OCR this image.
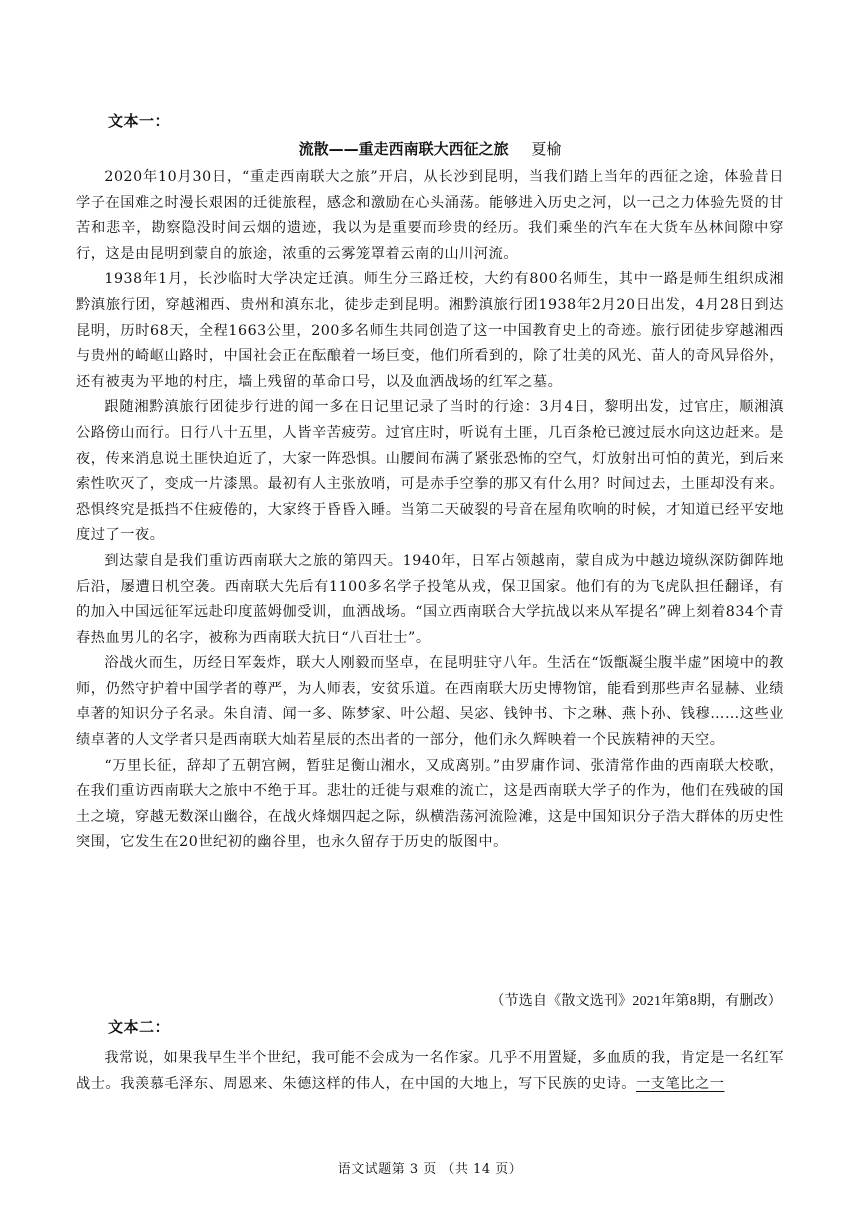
文本一：
流散——重走西南联大西征之旅 夏榆

2020年10月30日，“重走西南联大之旅”开启，从长沙到昆明，当我们踏上当年的西征之途，体验昔日学子在国难之时漫长艰困的迁徙旅程，感念和激励在心头涌荡。能够进入历史之河，以一己之力体验先贤的甘苦和悲辛，勘察隐没时间云烟的遗迹，我以为是重要而珍贵的经历。我们乘坐的汽车在大货车丛林间隙中穿行，这是由昆明到蒙自的旅途，浓重的云雾笼罩着云南的山川河流。

1938年1月，长沙临时大学决定迁滇。师生分三路迁校，大约有800名师生，其中一路是师生组织成湘黔滇旅行团，穿越湘西、贵州和滇东北，徒步走到昆明。湘黔滇旅行团1938年2月20日出发，4月28日到达昆明，历时68天，全程1663公里，200多名师生共同创造了这一中国教育史上的奇迹。旅行团徒步穿越湘西与贵州的崎岖山路时，中国社会正在酝酿着一场巨变，他们所看到的，除了壮美的风光、苗人的奇风异俗外，还有被夷为平地的村庄，墙上残留的革命口号，以及血洒战场的红军之墓。

跟随湘黔滇旅行团徒步行进的闻一多在日记里记录了当时的行途：3月4日，黎明出发，过官庄，顺湘滇公路傍山而行。日行八十五里，人皆辛苦疲劳。过官庄时，听说有土匪，几百条枪已渡过辰水向这边赶来。是夜，传来消息说土匪快迫近了，大家一阵恐惧。山腰间布满了紧张恐怖的空气，灯放射出可怕的黄光，到后来索性吹灭了，变成一片漆黑。最初有人主张放哨，可是赤手空拳的那又有什么用？时间过去，土匪却没有来。恐惧终究是抵挡不住疲倦的，大家终于昏昏入睡。当第二天破裂的号音在屋角吹响的时候，才知道已经平安地度过了一夜。

到达蒙自是我们重访西南联大之旅的第四天。1940年，日军占领越南，蒙自成为中越边境纵深防御阵地后沿，屡遭日机空袭。西南联大先后有1100多名学子投笔从戎，保卫国家。他们有的为飞虎队担任翻译，有的加入中国远征军远赴印度蓝姆伽受训，血洒战场。“国立西南联合大学抗战以来从军提名”碑上刻着834个青春热血男儿的名字，被称为西南联大抗日“八百壮士”。

浴战火而生，历经日军轰炸，联大人刚毅而坚卓，在昆明驻守八年。生活在“饭甑凝尘腹半虚”困境中的教师，仍然守护着中国学者的尊严，为人师表，安贫乐道。在西南联大历史博物馆，能看到那些声名显赫、业绩卓著的知识分子名录。朱自清、闻一多、陈梦家、叶公超、吴宓、钱钟书、卞之琳、燕卜孙、钱穆……这些业绩卓著的人文学者只是西南联大灿若星辰的杰出者的一部分，他们永久辉映着一个民族精神的天空。

“万里长征，辞却了五朝宫阙，暂驻足衡山湘水，又成离别。”由罗庸作词、张清常作曲的西南联大校歌，在我们重访西南联大之旅中不绝于耳。悲壮的迁徙与艰难的流亡，这是西南联大学子的作为，他们在残破的国土之境，穿越无数深山幽谷，在战火烽烟四起之际，纵横浩荡河流险滩，这是中国知识分子浩大群体的历史性突围，它发生在20世纪初的幽谷里，也永久留存于历史的版图中。

（节选自《散文选刊》2021年第8期，有删改）
文本二：

我常说，如果我早生半个世纪，我可能不会成为一名作家。几乎不用置疑，多血质的我，肯定是一名红军战士。我羡慕毛泽东、周恩来、朱德这样的伟人，在中国的大地上，写下民族的史诗。一支笔比之一

语文试题第 3 页 （共 14 页）
